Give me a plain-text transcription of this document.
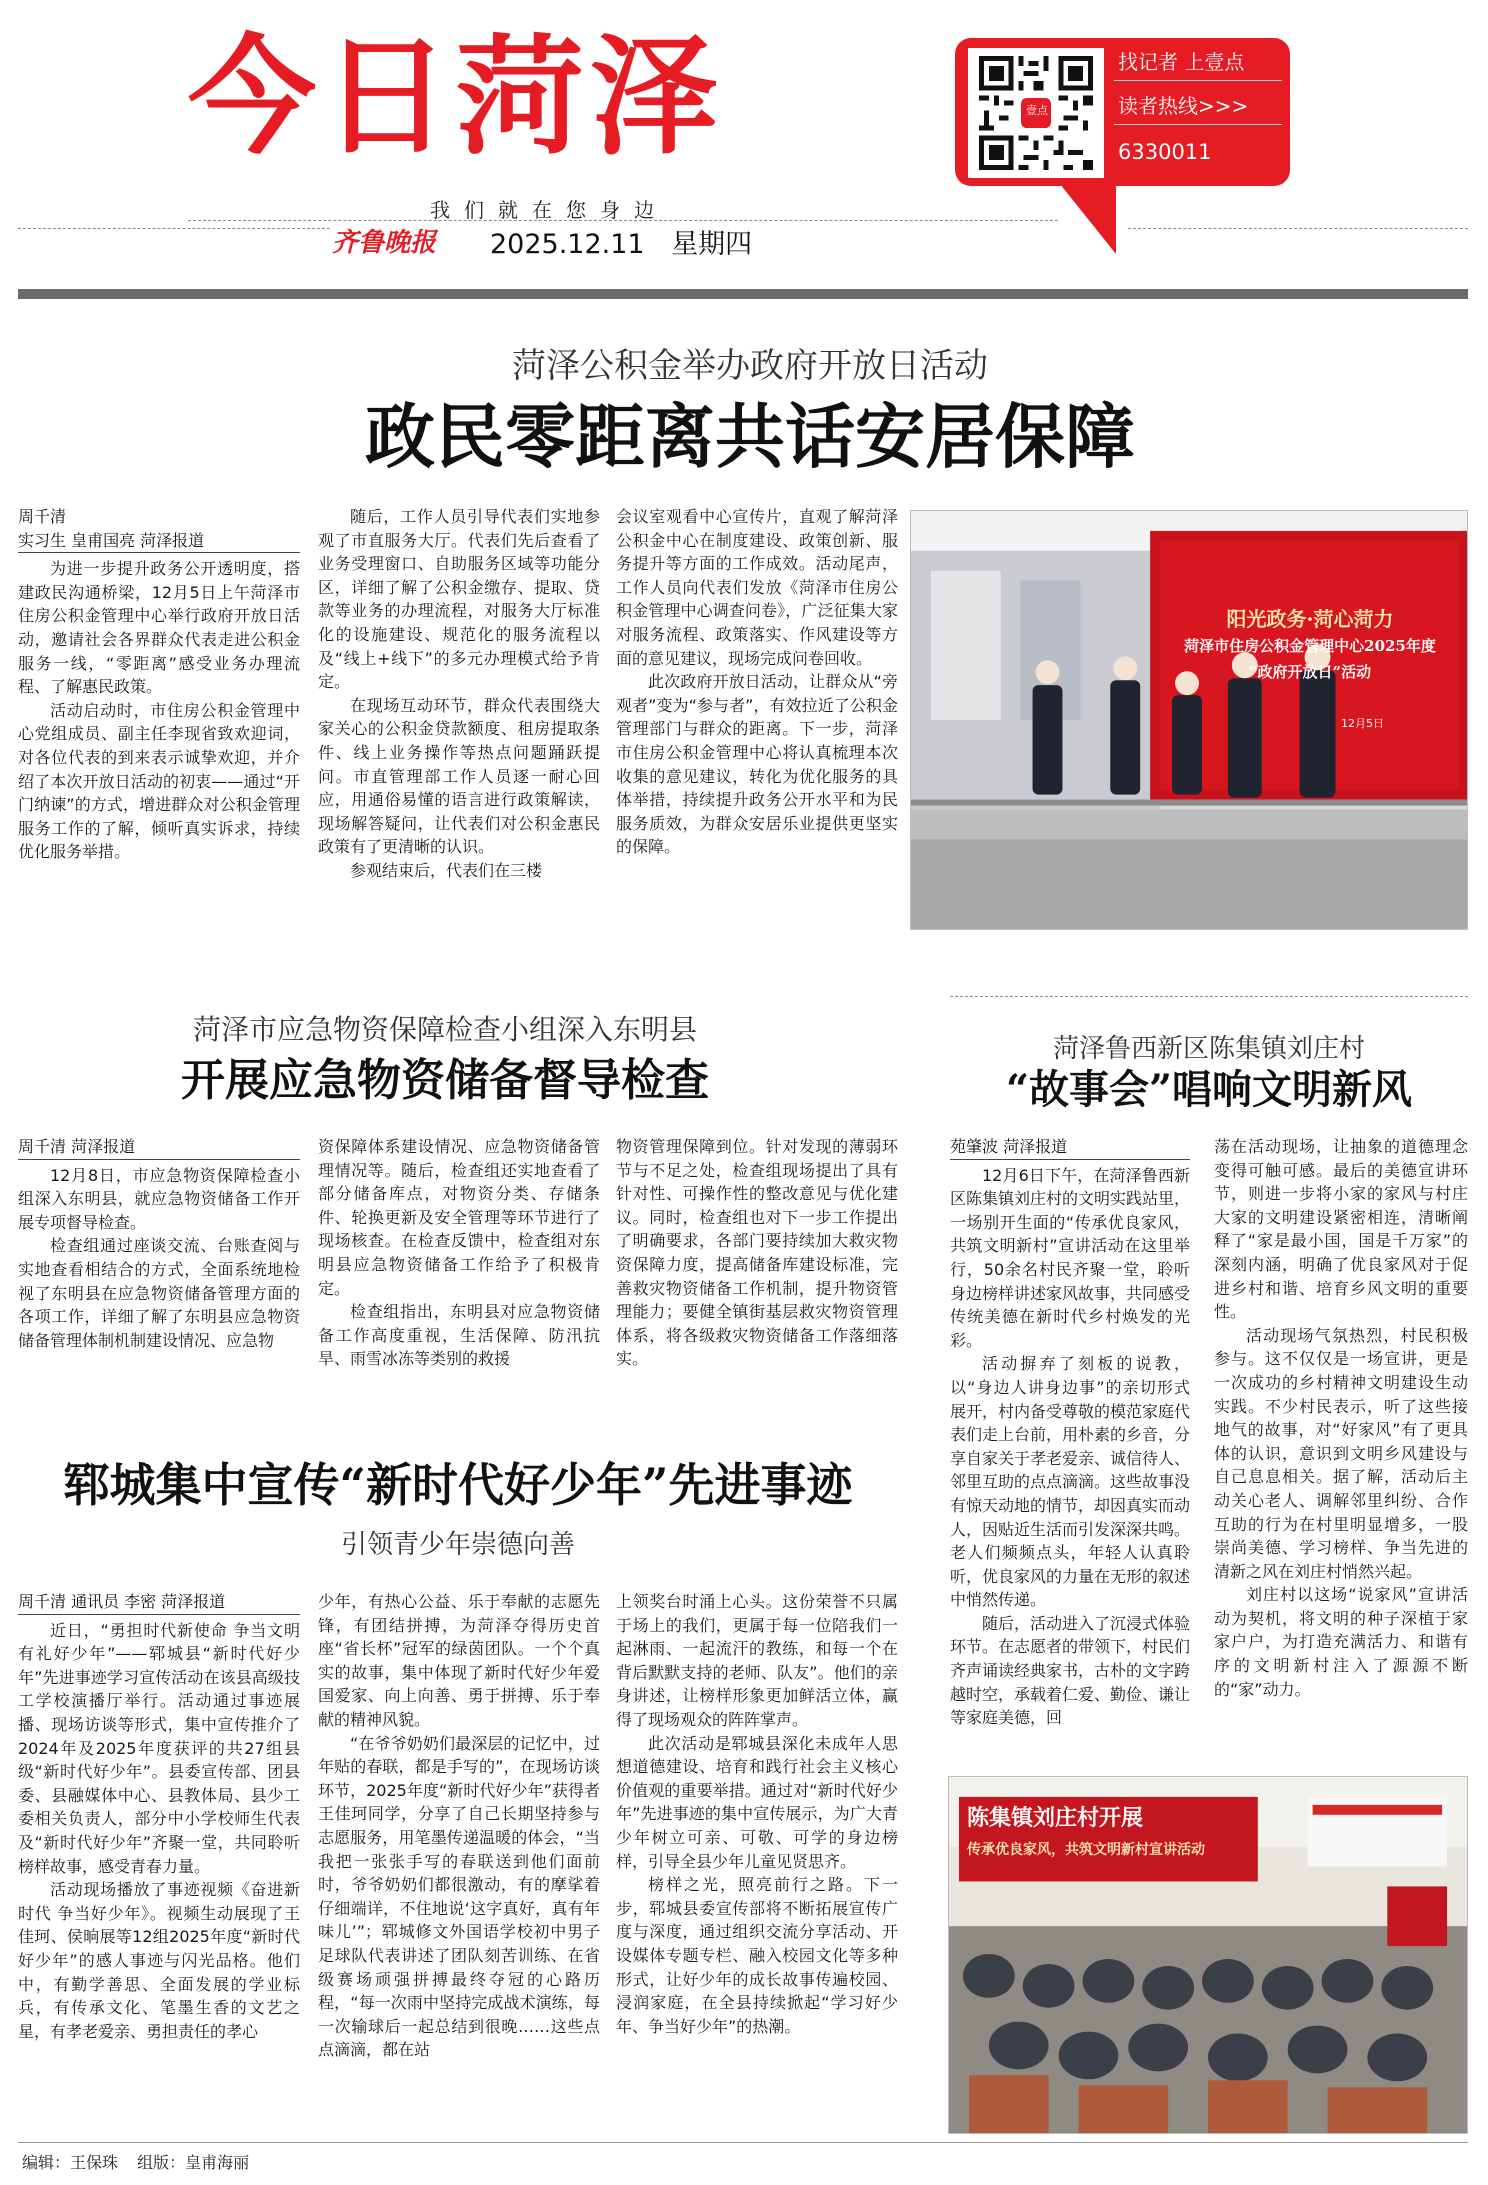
今日菏泽	壹点
找记者 上壹点
读者热线>>>
6330011
我们就在您身边
齐鲁晚报	2025.12.11 星期四
菏泽公积金举办政府开放日活动
政民零距离共话安居保障
周千清
实习生 皇甫国亮 菏泽报道
为进一步提升政务公开透明度，搭建政民沟通桥梁，12月5日上午菏泽市住房公积金管理中心举行政府开放日活动，邀请社会各界群众代表走进公积金服务一线，“零距离”感受业务办理流程、了解惠民政策。
活动启动时，市住房公积金管理中心党组成员、副主任李现省致欢迎词，对各位代表的到来表示诚挚欢迎，并介绍了本次开放日活动的初衷——通过“开门纳谏”的方式，增进群众对公积金管理服务工作的了解，倾听真实诉求，持续优化服务举措。
随后，工作人员引导代表们实地参观了市直服务大厅。代表们先后查看了业务受理窗口、自助服务区域等功能分区，详细了解了公积金缴存、提取、贷款等业务的办理流程，对服务大厅标准化的设施建设、规范化的服务流程以及“线上+线下”的多元办理模式给予肯定。
在现场互动环节，群众代表围绕大家关心的公积金贷款额度、租房提取条件、线上业务操作等热点问题踊跃提问。市直管理部工作人员逐一耐心回应，用通俗易懂的语言进行政策解读，现场解答疑问，让代表们对公积金惠民政策有了更清晰的认识。
参观结束后，代表们在三楼
会议室观看中心宣传片，直观了解菏泽公积金中心在制度建设、政策创新、服务提升等方面的工作成效。活动尾声，工作人员向代表们发放《菏泽市住房公积金管理中心调查问卷》，广泛征集大家对服务流程、政策落实、作风建设等方面的意见建议，现场完成问卷回收。
此次政府开放日活动，让群众从“旁观者”变为“参与者”，有效拉近了公积金管理部门与群众的距离。下一步，菏泽市住房公积金管理中心将认真梳理本次收集的意见建议，转化为优化服务的具体举措，持续提升政务公开水平和为民服务质效，为群众安居乐业提供更坚实的保障。
阳光政务·菏心菏力
菏泽市住房公积金管理中心2025年度
“政府开放日”活动
12月5日
菏泽市应急物资保障检查小组深入东明县
开展应急物资储备督导检查
周千清 菏泽报道
12月8日，市应急物资保障检查小组深入东明县，就应急物资储备工作开展专项督导检查。
检查组通过座谈交流、台账查阅与实地查看相结合的方式，全面系统地检视了东明县在应急物资储备管理方面的各项工作，详细了解了东明县应急物资储备管理体制机制建设情况、应急物
资保障体系建设情况、应急物资储备管理情况等。随后，检查组还实地查看了部分储备库点，对物资分类、存储条件、轮换更新及安全管理等环节进行了现场核查。在检查反馈中，检查组对东明县应急物资储备工作给予了积极肯定。
检查组指出，东明县对应急物资储备工作高度重视，生活保障、防汛抗旱、雨雪冰冻等类别的救援
物资管理保障到位。针对发现的薄弱环节与不足之处，检查组现场提出了具有针对性、可操作性的整改意见与优化建议。同时，检查组也对下一步工作提出了明确要求，各部门要持续加大救灾物资保障力度，提高储备库建设标准，完善救灾物资储备工作机制，提升物资管理能力；要健全镇街基层救灾物资管理体系，将各级救灾物资储备工作落细落实。
菏泽鲁西新区陈集镇刘庄村
“故事会”唱响文明新风
苑肇波 菏泽报道
12月6日下午，在菏泽鲁西新区陈集镇刘庄村的文明实践站里，一场别开生面的“传承优良家风，共筑文明新村”宣讲活动在这里举行，50余名村民齐聚一堂，聆听身边榜样讲述家风故事，共同感受传统美德在新时代乡村焕发的光彩。
活动摒弃了刻板的说教，以“身边人讲身边事”的亲切形式展开，村内备受尊敬的模范家庭代表们走上台前，用朴素的乡音，分享自家关于孝老爱亲、诚信待人、邻里互助的点点滴滴。这些故事没有惊天动地的情节，却因真实而动人，因贴近生活而引发深深共鸣。老人们频频点头，年轻人认真聆听，优良家风的力量在无形的叙述中悄然传递。
随后，活动进入了沉浸式体验环节。在志愿者的带领下，村民们齐声诵读经典家书，古朴的文字跨越时空，承载着仁爱、勤俭、谦让等家庭美德，回
荡在活动现场，让抽象的道德理念变得可触可感。最后的美德宣讲环节，则进一步将小家的家风与村庄大家的文明建设紧密相连，清晰阐释了“家是最小国，国是千万家”的深刻内涵，明确了优良家风对于促进乡村和谐、培育乡风文明的重要性。
活动现场气氛热烈，村民积极参与。这不仅仅是一场宣讲，更是一次成功的乡村精神文明建设生动实践。不少村民表示，听了这些接地气的故事，对“好家风”有了更具体的认识，意识到文明乡风建设与自己息息相关。据了解，活动后主动关心老人、调解邻里纠纷、合作互助的行为在村里明显增多，一股崇尚美德、学习榜样、争当先进的清新之风在刘庄村悄然兴起。
刘庄村以这场“说家风”宣讲活动为契机，将文明的种子深植于家家户户，为打造充满活力、和谐有序的文明新村注入了源源不断的“家”动力。
陈集镇刘庄村开展
传承优良家风，共筑文明新村宣讲活动
郓城集中宣传“新时代好少年”先进事迹
引领青少年崇德向善
周千清 通讯员 李密 菏泽报道
近日，“勇担时代新使命 争当文明有礼好少年”——郓城县“新时代好少年”先进事迹学习宣传活动在该县高级技工学校演播厅举行。活动通过事迹展播、现场访谈等形式，集中宣传推介了2024年及2025年度获评的共27组县级“新时代好少年”。县委宣传部、团县委、县融媒体中心、县教体局、县少工委相关负责人，部分中小学校师生代表及“新时代好少年”齐聚一堂，共同聆听榜样故事，感受青春力量。
活动现场播放了事迹视频《奋进新时代 争当好少年》。视频生动展现了王佳珂、侯晌展等12组2025年度“新时代好少年”的感人事迹与闪光品格。他们中，有勤学善思、全面发展的学业标兵，有传承文化、笔墨生香的文艺之星，有孝老爱亲、勇担责任的孝心
少年，有热心公益、乐于奉献的志愿先锋，有团结拼搏，为菏泽夺得历史首座“省长杯”冠军的绿茵团队。一个个真实的故事，集中体现了新时代好少年爱国爱家、向上向善、勇于拼搏、乐于奉献的精神风貌。
“在爷爷奶奶们最深层的记忆中，过年贴的春联，都是手写的”，在现场访谈环节，2025年度“新时代好少年”获得者王佳珂同学，分享了自己长期坚持参与志愿服务，用笔墨传递温暖的体会，“当我把一张张手写的春联送到他们面前时，爷爷奶奶们都很激动，有的摩挲着仔细端详，不住地说‘这字真好，真有年味儿’”；郓城修文外国语学校初中男子足球队代表讲述了团队刻苦训练、在省级赛场顽强拼搏最终夺冠的心路历程，“每一次雨中坚持完成战术演练，每一次输球后一起总结到很晚……这些点点滴滴，都在站
上领奖台时涌上心头。这份荣誉不只属于场上的我们，更属于每一位陪我们一起淋雨、一起流汗的教练，和每一个在背后默默支持的老师、队友”。他们的亲身讲述，让榜样形象更加鲜活立体，赢得了现场观众的阵阵掌声。
此次活动是郓城县深化未成年人思想道德建设、培育和践行社会主义核心价值观的重要举措。通过对“新时代好少年”先进事迹的集中宣传展示，为广大青少年树立可亲、可敬、可学的身边榜样，引导全县少年儿童见贤思齐。
榜样之光，照亮前行之路。下一步，郓城县委宣传部将不断拓展宣传广度与深度，通过组织交流分享活动、开设媒体专题专栏、融入校园文化等多种形式，让好少年的成长故事传遍校园、浸润家庭，在全县持续掀起“学习好少年、争当好少年”的热潮。
编辑：王保珠 组版：皇甫海丽
